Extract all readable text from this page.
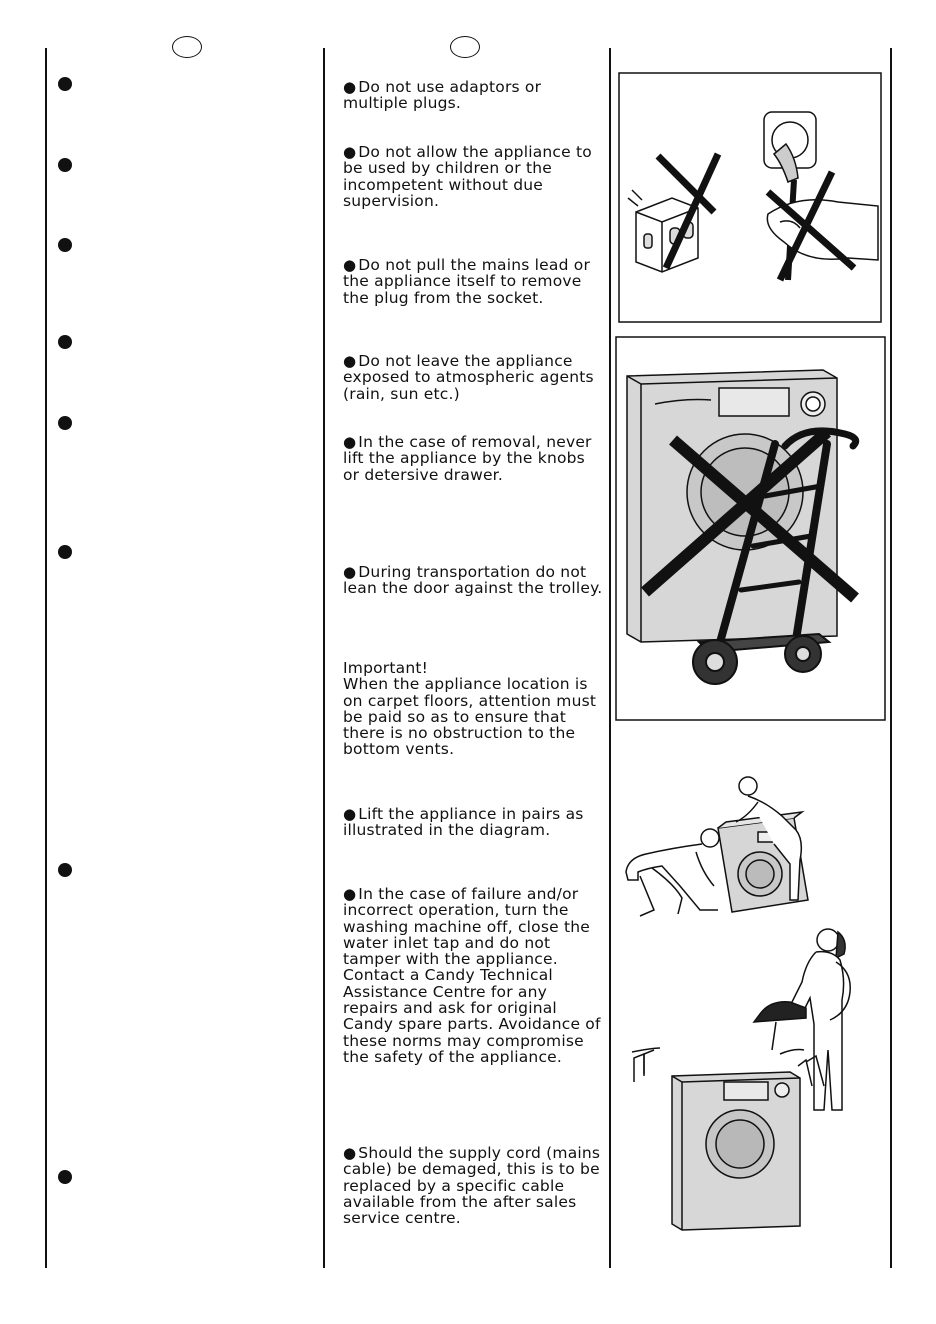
● Do not use adaptors or multiple plugs.
● Do not allow the appliance to be used by children or the incompetent without due supervision.
● Do not pull the mains lead or the appliance itself to remove the plug from the socket.
● Do not leave the appliance exposed to atmospheric agents (rain, sun etc.)
● In the case of removal, never lift the appliance by the knobs or detersive drawer.
● During transportation do not lean the door against the trolley.
Important!
When the appliance location is on carpet floors, attention must be paid so as to ensure that there is no obstruction to the bottom vents.
● Lift the appliance in pairs as illustrated in the diagram.
● In the case of failure and/or incorrect operation, turn the washing machine off, close the water inlet tap and do not tamper with the appliance. Contact a Candy Technical Assistance Centre for any repairs and ask for original Candy spare parts. Avoidance of these norms may compromise the safety of the appliance.
● Should the supply cord (mains cable) be demaged, this is to be replaced by a specific cable available from the after sales service centre.
